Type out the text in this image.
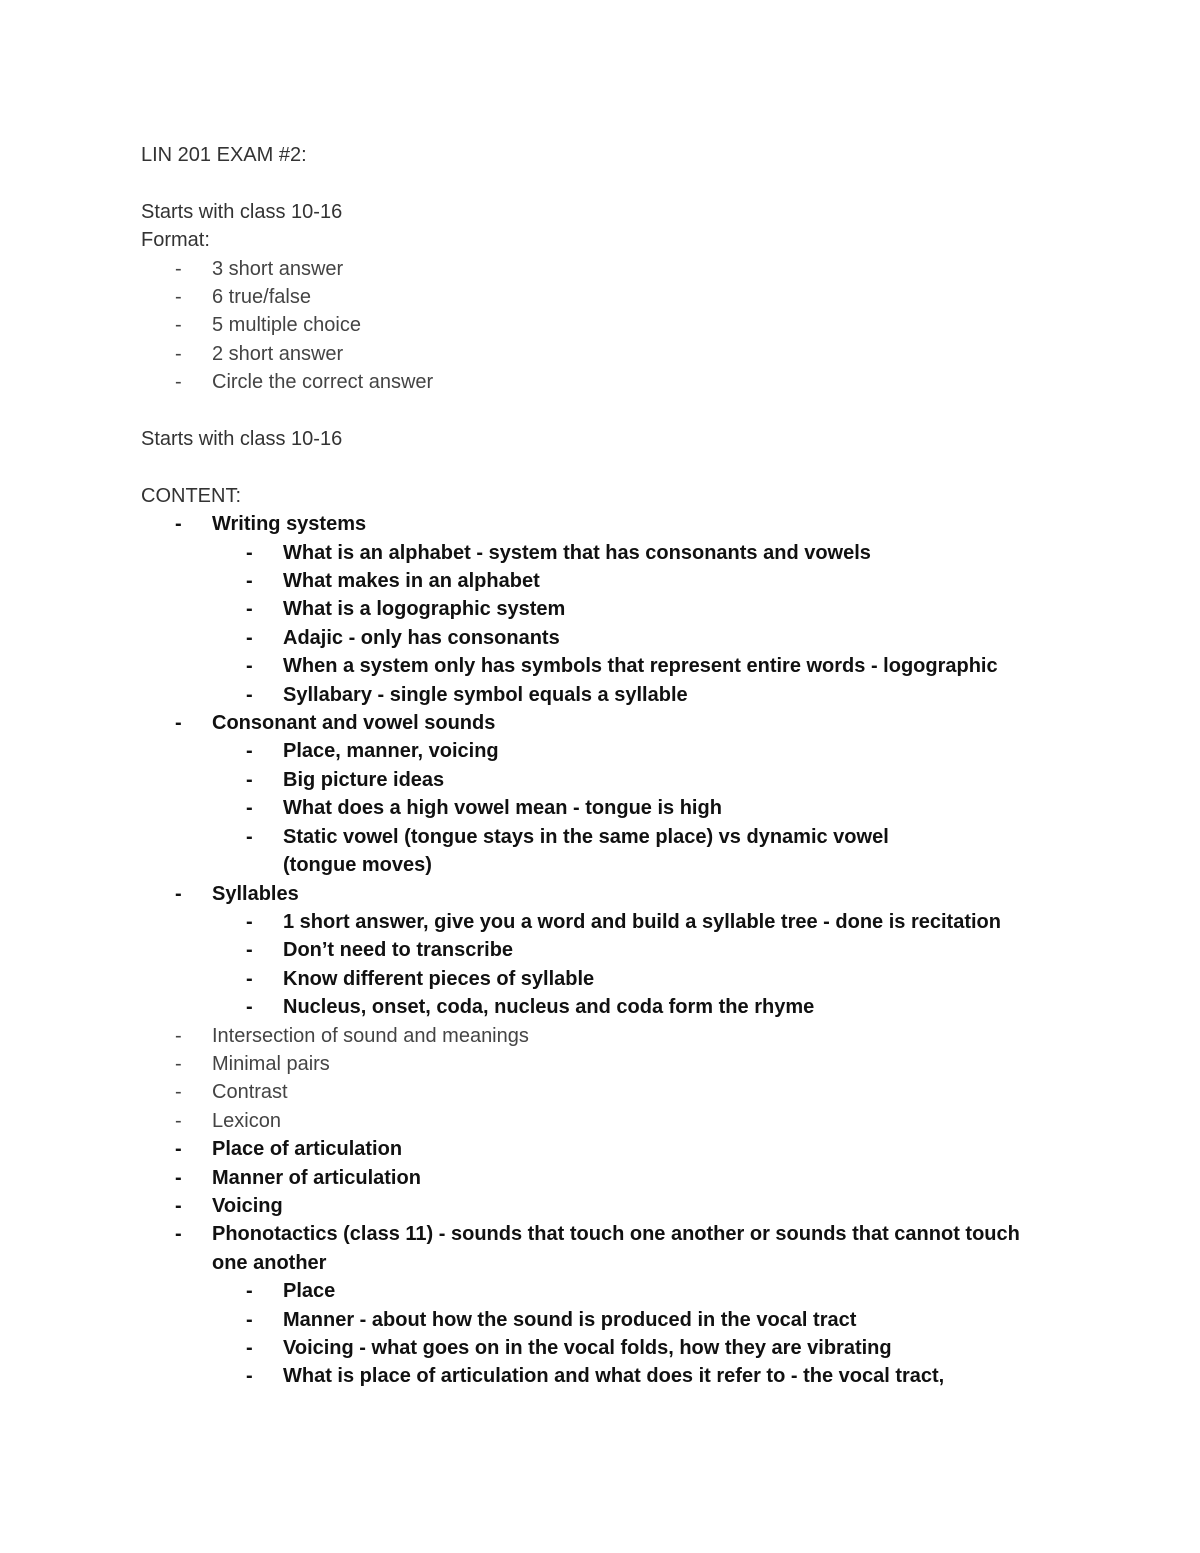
LIN 201 EXAM #2:

Starts with class 10-16

Format:

- 3 short answer
- 6 true/false
- 5 multiple choice
- 2 short answer
- Circle the correct answer

Starts with class 10-16

CONTENT:

- Writing systems
- What is an alphabet - system that has consonants and vowels
- What makes in an alphabet
- What is a logographic system
- Adajic - only has consonants
- When a system only has symbols that represent entire words - logographic
- Syllabary - single symbol equals a syllable
- Consonant and vowel sounds
- Place, manner, voicing
- Big picture ideas
- What does a high vowel mean - tongue is high
- Static vowel (tongue stays in the same place) vs dynamic vowel (tongue moves)
- Syllables
- 1 short answer, give you a word and build a syllable tree - done is recitation
- Don’t need to transcribe
- Know different pieces of syllable
- Nucleus, onset, coda, nucleus and coda form the rhyme
- Intersection of sound and meanings
- Minimal pairs
- Contrast
- Lexicon
- Place of articulation
- Manner of articulation
- Voicing
- Phonotactics (class 11) - sounds that touch one another or sounds that cannot touch one another
- Place
- Manner - about how the sound is produced in the vocal tract
- Voicing - what goes on in the vocal folds, how they are vibrating
- What is place of articulation and what does it refer to - the vocal tract,
